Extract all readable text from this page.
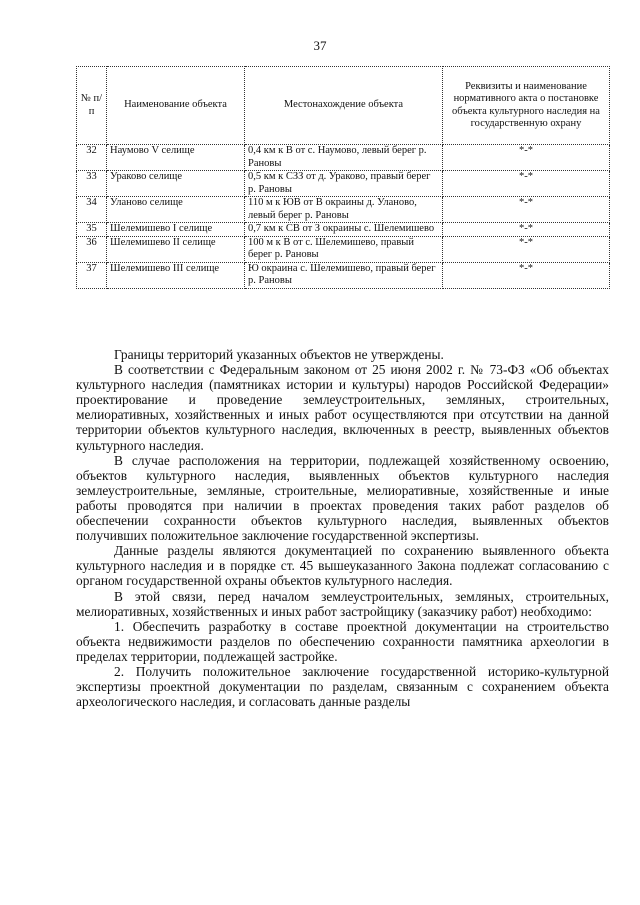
37
№ п/п	Наименование объекта	Местонахождение объекта	Реквизиты и наименование нормативного акта о постановке объекта культурного наследия на государственную охрану
32	Наумово V селище	0,4 км к В от с. Наумово, левый берег р. Рановы	*-*
33	Ураково селище	0,5 км к СЗЗ от д. Ураково, правый берег р. Рановы	*-*
34	Уланово селище	110 м к ЮВ от В окраины д. Уланово, левый берег р. Рановы	*-*
35	Шелемишево I селище	0,7 км к СВ от З окраины с. Шелемишево	*-*
36	Шелемишево II селище	100 м к В от с. Шелемишево, правый берег р. Рановы	*-*
37	Шелемишево III селище	Ю окраина с. Шелемишево, правый берег р. Рановы	*-*

Границы территорий указанных объектов не утверждены.

В соответствии с Федеральным законом от 25 июня 2002 г. № 73-ФЗ «Об объектах культурного наследия (памятниках истории и культуры) народов Российской Федерации» проектирование и проведение землеустроительных, земляных, строительных, мелиоративных, хозяйственных и иных работ осуществляются при отсутствии на данной территории объектов культурного наследия, включенных в реестр, выявленных объектов культурного наследия.

В случае расположения на территории, подлежащей хозяйственному освоению, объектов культурного наследия, выявленных объектов культурного наследия землеустроительные, земляные, строительные, мелиоративные, хозяйственные и иные работы проводятся при наличии в проектах проведения таких работ разделов об обеспечении сохранности объектов культурного наследия, выявленных объектов получивших положительное заключение государственной экспертизы.

Данные разделы являются документацией по сохранению выявленного объекта культурного наследия и в порядке ст. 45 вышеуказанного Закона подлежат согласованию с органом государственной охраны объектов культурного наследия.

В этой связи, перед началом землеустроительных, земляных, строительных, мелиоративных, хозяйственных и иных работ застройщику (заказчику работ) необходимо:

1. Обеспечить разработку в составе проектной документации на строительство объекта недвижимости разделов по обеспечению сохранности памятника археологии в пределах территории, подлежащей застройке.

2. Получить положительное заключение государственной историко-культурной экспертизы проектной документации по разделам, связанным с сохранением объекта археологического наследия, и согласовать данные разделы
